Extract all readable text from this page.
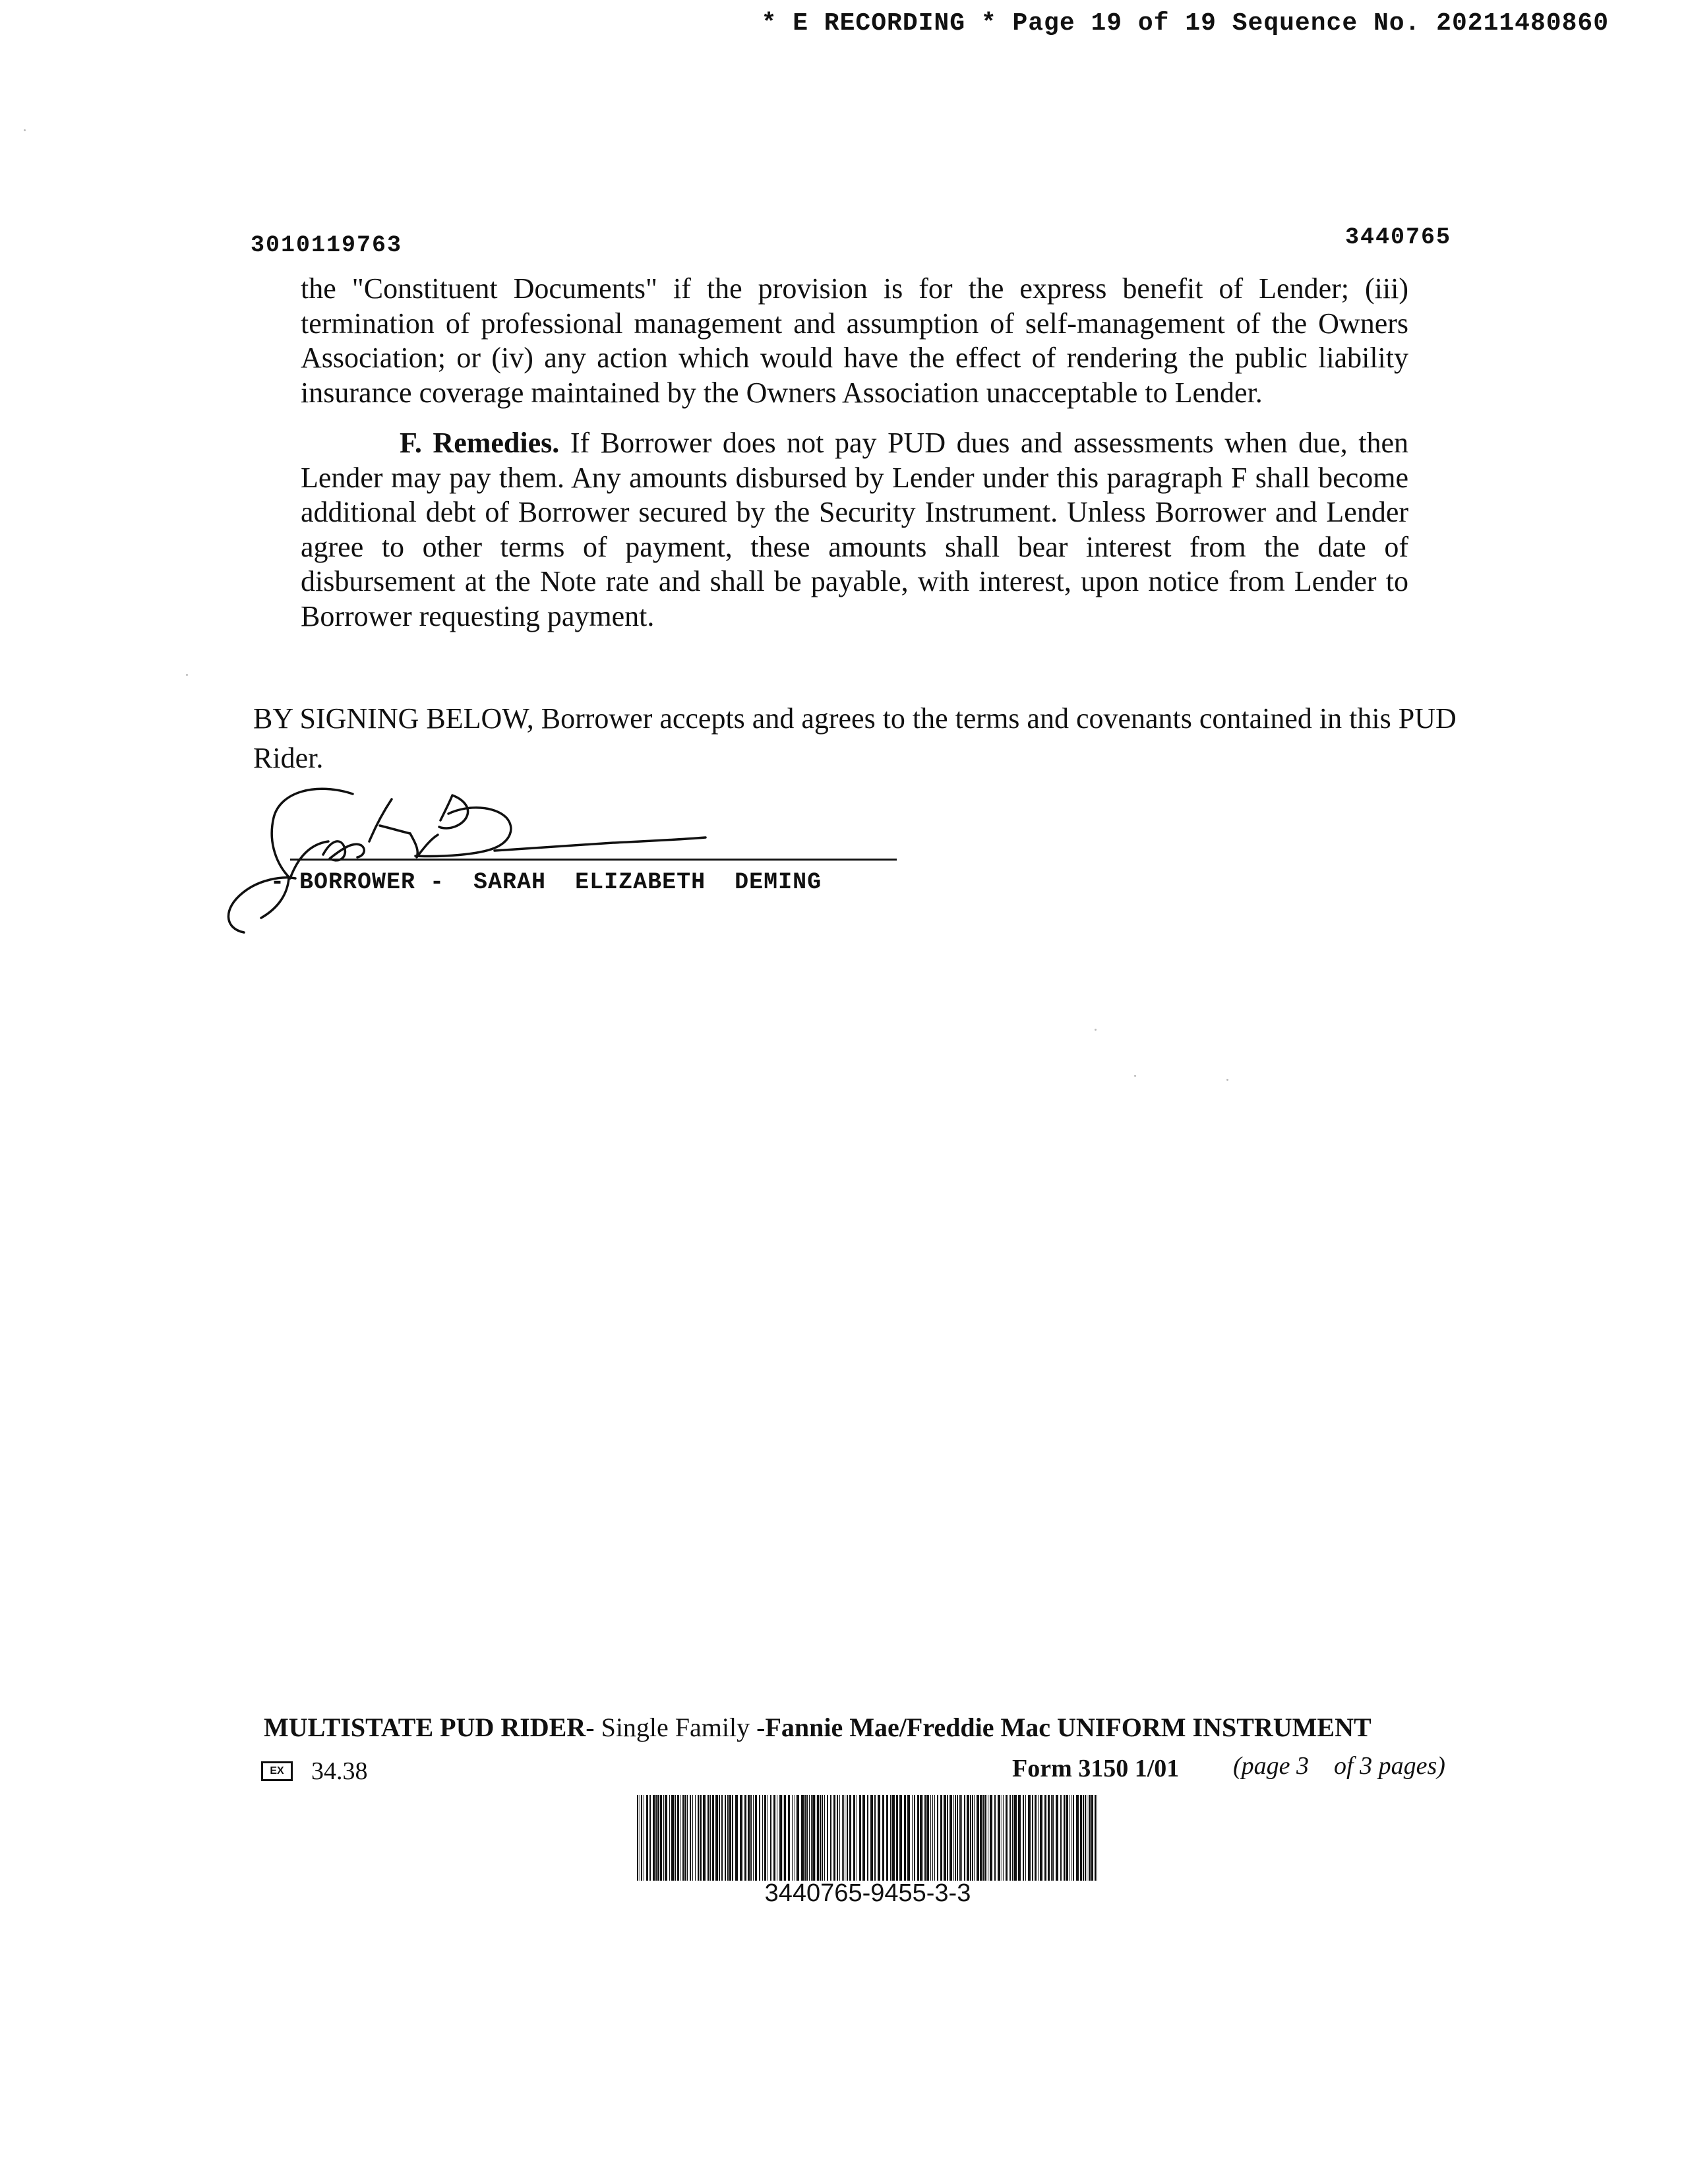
* E RECORDING * Page 19 of 19 Sequence No. 20211480860
3010119763	3440765

the "Constituent Documents" if the provision is for the express benefit of Lender; (iii) termination of professional management and assumption of self-management of the Owners Association; or (iv) any action which would have the effect of rendering the public liability insurance coverage maintained by the Owners Association unacceptable to Lender.

F. Remedies. If Borrower does not pay PUD dues and assessments when due, then Lender may pay them. Any amounts disbursed by Lender under this paragraph F shall become additional debt of Borrower secured by the Security Instrument. Unless Borrower and Lender agree to other terms of payment, these amounts shall bear interest from the date of disbursement at the Note rate and shall be payable, with interest, upon notice from Lender to Borrower requesting payment.

BY SIGNING BELOW, Borrower accepts and agrees to the terms and covenants contained in this PUD Rider.
- BORROWER -  SARAH  ELIZABETH  DEMING
MULTISTATE PUD RIDER- Single Family -Fannie Mae/Freddie Mac UNIFORM INSTRUMENT
EX	34.38	Form 3150 1/01 (page 3    of 3 pages)
3440765-9455-3-3
